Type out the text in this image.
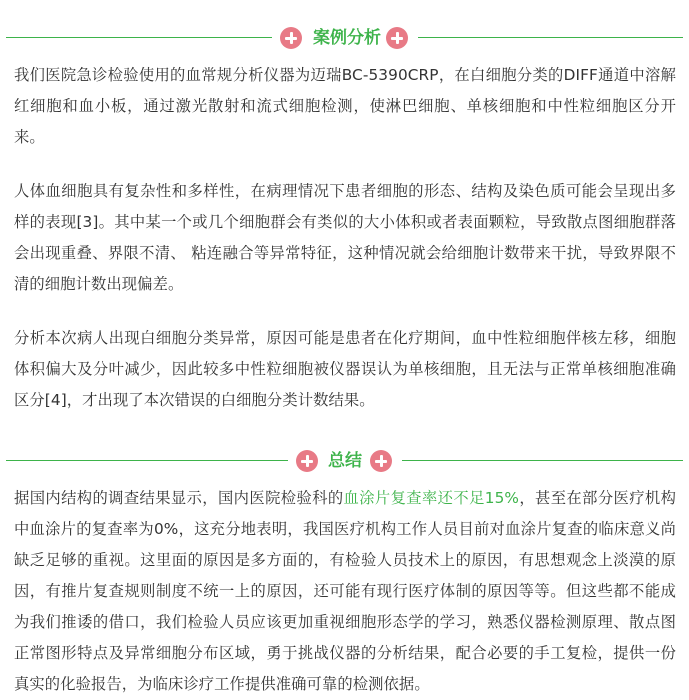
案例分析

我们医院急诊检验使用的血常规分析仪器为迈瑞BC-5390CRP，在白细胞分类的DIFF通道中溶解红细胞和血小板，通过激光散射和流式细胞检测，使淋巴细胞、单核细胞和中性粒细胞区分开来。

人体血细胞具有复杂性和多样性，在病理情况下患者细胞的形态、结构及染色质可能会呈现出多样的表现[3]。其中某一个或几个细胞群会有类似的大小体积或者表面颗粒，导致散点图细胞群落会出现重叠、界限不清、 粘连融合等异常特征，这种情况就会给细胞计数带来干扰，导致界限不清的细胞计数出现偏差。

分析本次病人出现白细胞分类异常，原因可能是患者在化疗期间，血中性粒细胞伴核左移，细胞体积偏大及分叶减少，因此较多中性粒细胞被仪器误认为单核细胞，且无法与正常单核细胞准确区分[4]，才出现了本次错误的白细胞分类计数结果。

总结

据国内结构的调查结果显示，国内医院检验科的血涂片复查率还不足15%，甚至在部分医疗机构中血涂片的复查率为0%，这充分地表明，我国医疗机构工作人员目前对血涂片复查的临床意义尚缺乏足够的重视。这里面的原因是多方面的，有检验人员技术上的原因，有思想观念上淡漠的原因，有推片复查规则制度不统一上的原因，还可能有现行医疗体制的原因等等。但这些都不能成为我们推诿的借口，我们检验人员应该更加重视细胞形态学的学习，熟悉仪器检测原理、散点图正常图形特点及异常细胞分布区域，勇于挑战仪器的分析结果，配合必要的手工复检，提供一份真实的化验报告，为临床诊疗工作提供准确可靠的检测依据。
